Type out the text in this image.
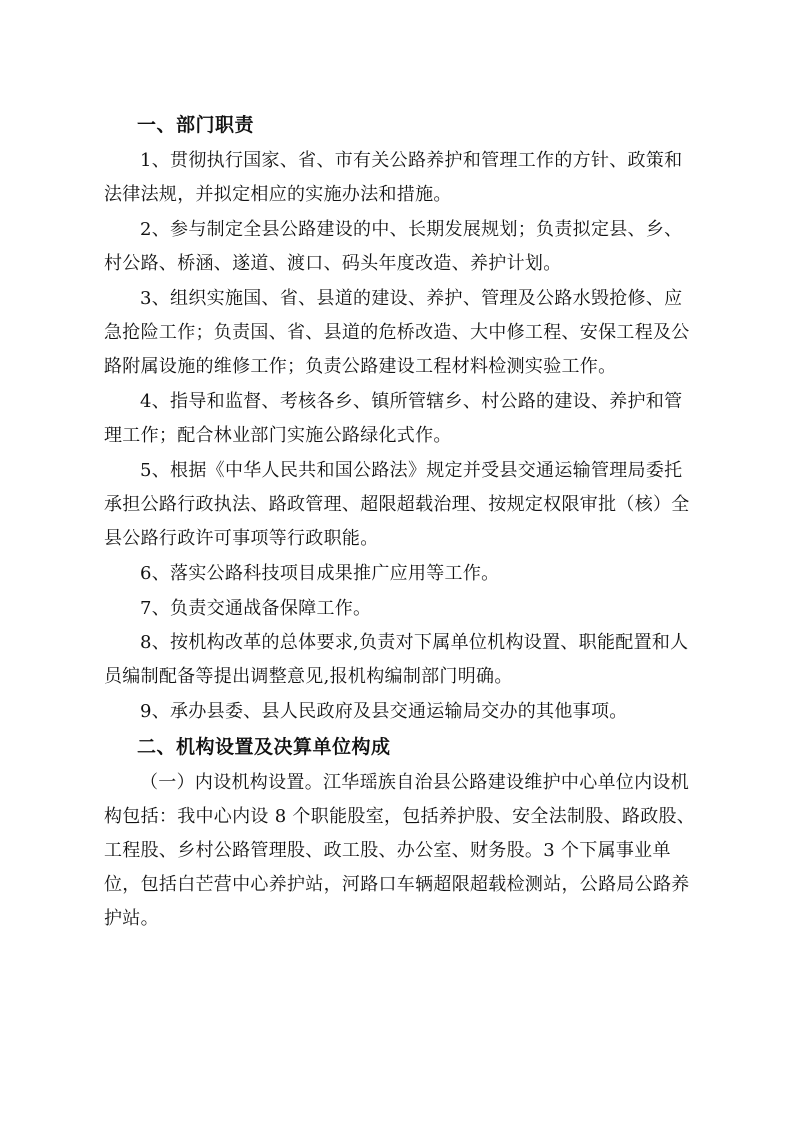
一、部门职责
1、贯彻执行国家、省、市有关公路养护和管理工作的方针、政策和
法律法规，并拟定相应的实施办法和措施。
2、参与制定全县公路建设的中、长期发展规划；负责拟定县、乡、
村公路、桥涵、遂道、渡口、码头年度改造、养护计划。
3、组织实施国、省、县道的建设、养护、管理及公路水毁抢修、应
急抢险工作；负责国、省、县道的危桥改造、大中修工程、安保工程及公
路附属设施的维修工作；负责公路建设工程材料检测实验工作。
4、指导和监督、考核各乡、镇所管辖乡、村公路的建设、养护和管
理工作；配合林业部门实施公路绿化式作。
5、根据《中华人民共和国公路法》规定并受县交通运输管理局委托
承担公路行政执法、路政管理、超限超载治理、按规定权限审批（核）全
县公路行政许可事项等行政职能。
6、落实公路科技项目成果推广应用等工作。
7、负责交通战备保障工作。
8、按机构改革的总体要求,负责对下属单位机构设置、职能配置和人
员编制配备等提出调整意见,报机构编制部门明确。
9、承办县委、县人民政府及县交通运输局交办的其他事项。
二、机构设置及决算单位构成
（一）内设机构设置。江华瑶族自治县公路建设维护中心单位内设机
构包括：我中心内设 8 个职能股室，包括养护股、安全法制股、路政股、
工程股、乡村公路管理股、政工股、办公室、财务股。3 个下属事业单
位，包括白芒营中心养护站，河路口车辆超限超载检测站，公路局公路养
护站。
